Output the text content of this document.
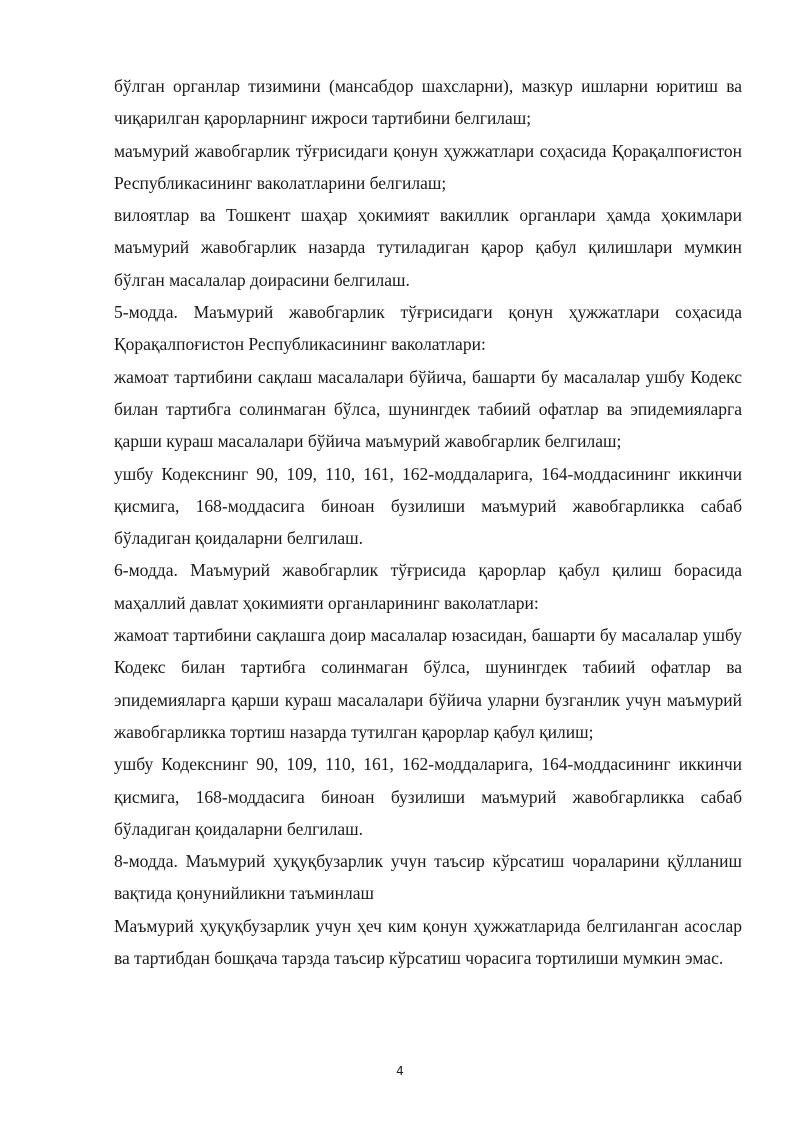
бўлган органлар тизимини (мансабдор шахсларни), мазкур ишларни юритиш ва чиқарилган қарорларнинг ижроси тартибини белгилаш;

маъмурий жавобгарлик тўғрисидаги қонун ҳужжатлари соҳасида Қорақалпоғистон Республикасининг ваколатларини белгилаш;

вилоятлар ва Тошкент шаҳар ҳокимият вакиллик органлари ҳамда ҳокимлари маъмурий жавобгарлик назарда тутиладиган қарор қабул қилишлари мумкин бўлган масалалар доирасини белгилаш.

5-модда. Маъмурий жавобгарлик тўғрисидаги қонун ҳужжатлари соҳасида Қорақалпоғистон Республикасининг ваколатлари:

жамоат тартибини сақлаш масалалари бўйича, башарти бу масалалар ушбу Кодекс билан тартибга солинмаган бўлса, шунингдек табиий офатлар ва эпидемияларга қарши кураш масалалари бўйича маъмурий жавобгарлик белгилаш;

ушбу Кодекснинг 90, 109, 110, 161, 162-моддаларига, 164-моддасининг иккинчи қисмига, 168-моддасига биноан бузилиши маъмурий жавобгарликка сабаб бўладиган қоидаларни белгилаш.

6-модда. Маъмурий жавобгарлик тўғрисида қарорлар қабул қилиш борасида маҳаллий давлат ҳокимияти органларининг ваколатлари:

жамоат тартибини сақлашга доир масалалар юзасидан, башарти бу масалалар ушбу Кодекс билан тартибга солинмаган бўлса, шунингдек табиий офатлар ва эпидемияларга қарши кураш масалалари бўйича уларни бузганлик учун маъмурий жавобгарликка тортиш назарда тутилган қарорлар қабул қилиш;

ушбу Кодекснинг 90, 109, 110, 161, 162-моддаларига, 164-моддасининг иккинчи қисмига, 168-моддасига биноан бузилиши маъмурий жавобгарликка сабаб бўладиган қоидаларни белгилаш.

8-модда. Маъмурий ҳуқуқбузарлик учун таъсир кўрсатиш чораларини қўлланиш вақтида қонунийликни таъминлаш

Маъмурий ҳуқуқбузарлик учун ҳеч ким қонун ҳужжатларида белгиланган асослар ва тартибдан бошқача тарзда таъсир кўрсатиш чорасига тортилиши мумкин эмас.

4
